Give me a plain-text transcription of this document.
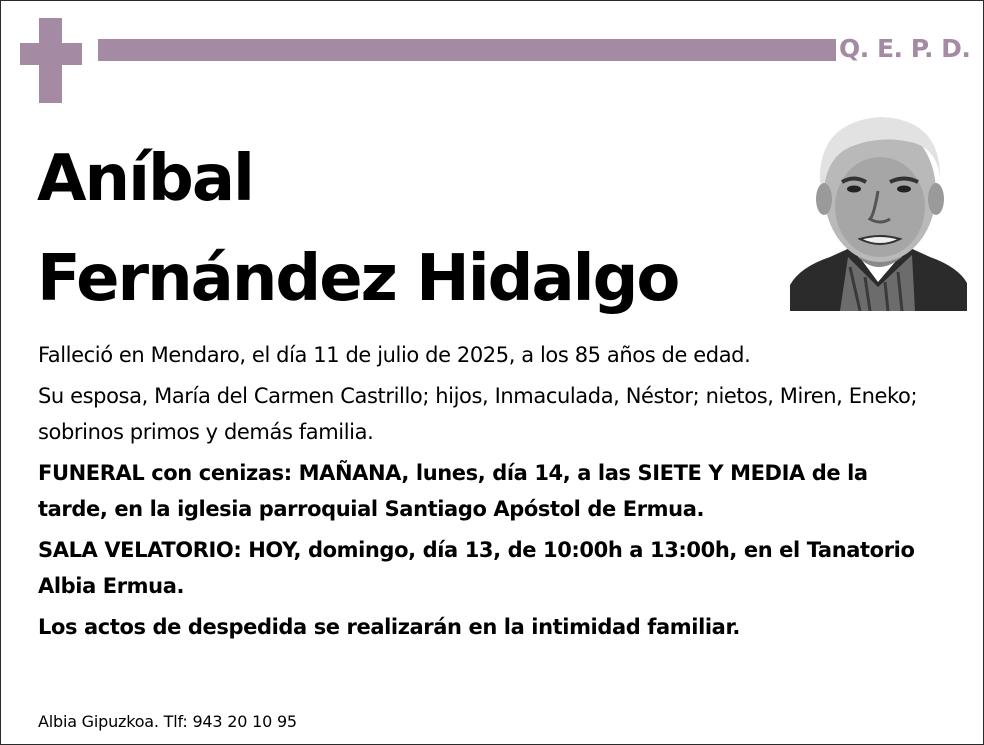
Q. E. P. D.
Aníbal
Fernández Hidalgo

Falleció en Mendaro, el día 11 de julio de 2025, a los 85 años de edad.

Su esposa, María del Carmen Castrillo; hijos, Inmaculada, Néstor; nietos, Miren, Eneko; sobrinos primos y demás familia.

FUNERAL con cenizas: MAÑANA, lunes, día 14, a las SIETE Y MEDIA de la tarde, en la iglesia parroquial Santiago Apóstol de Ermua.

SALA VELATORIO: HOY, domingo, día 13, de 10:00h a 13:00h, en el Tanatorio Albia Ermua.

Los actos de despedida se realizarán en la intimidad familiar.

Albia Gipuzkoa. Tlf: 943 20 10 95
